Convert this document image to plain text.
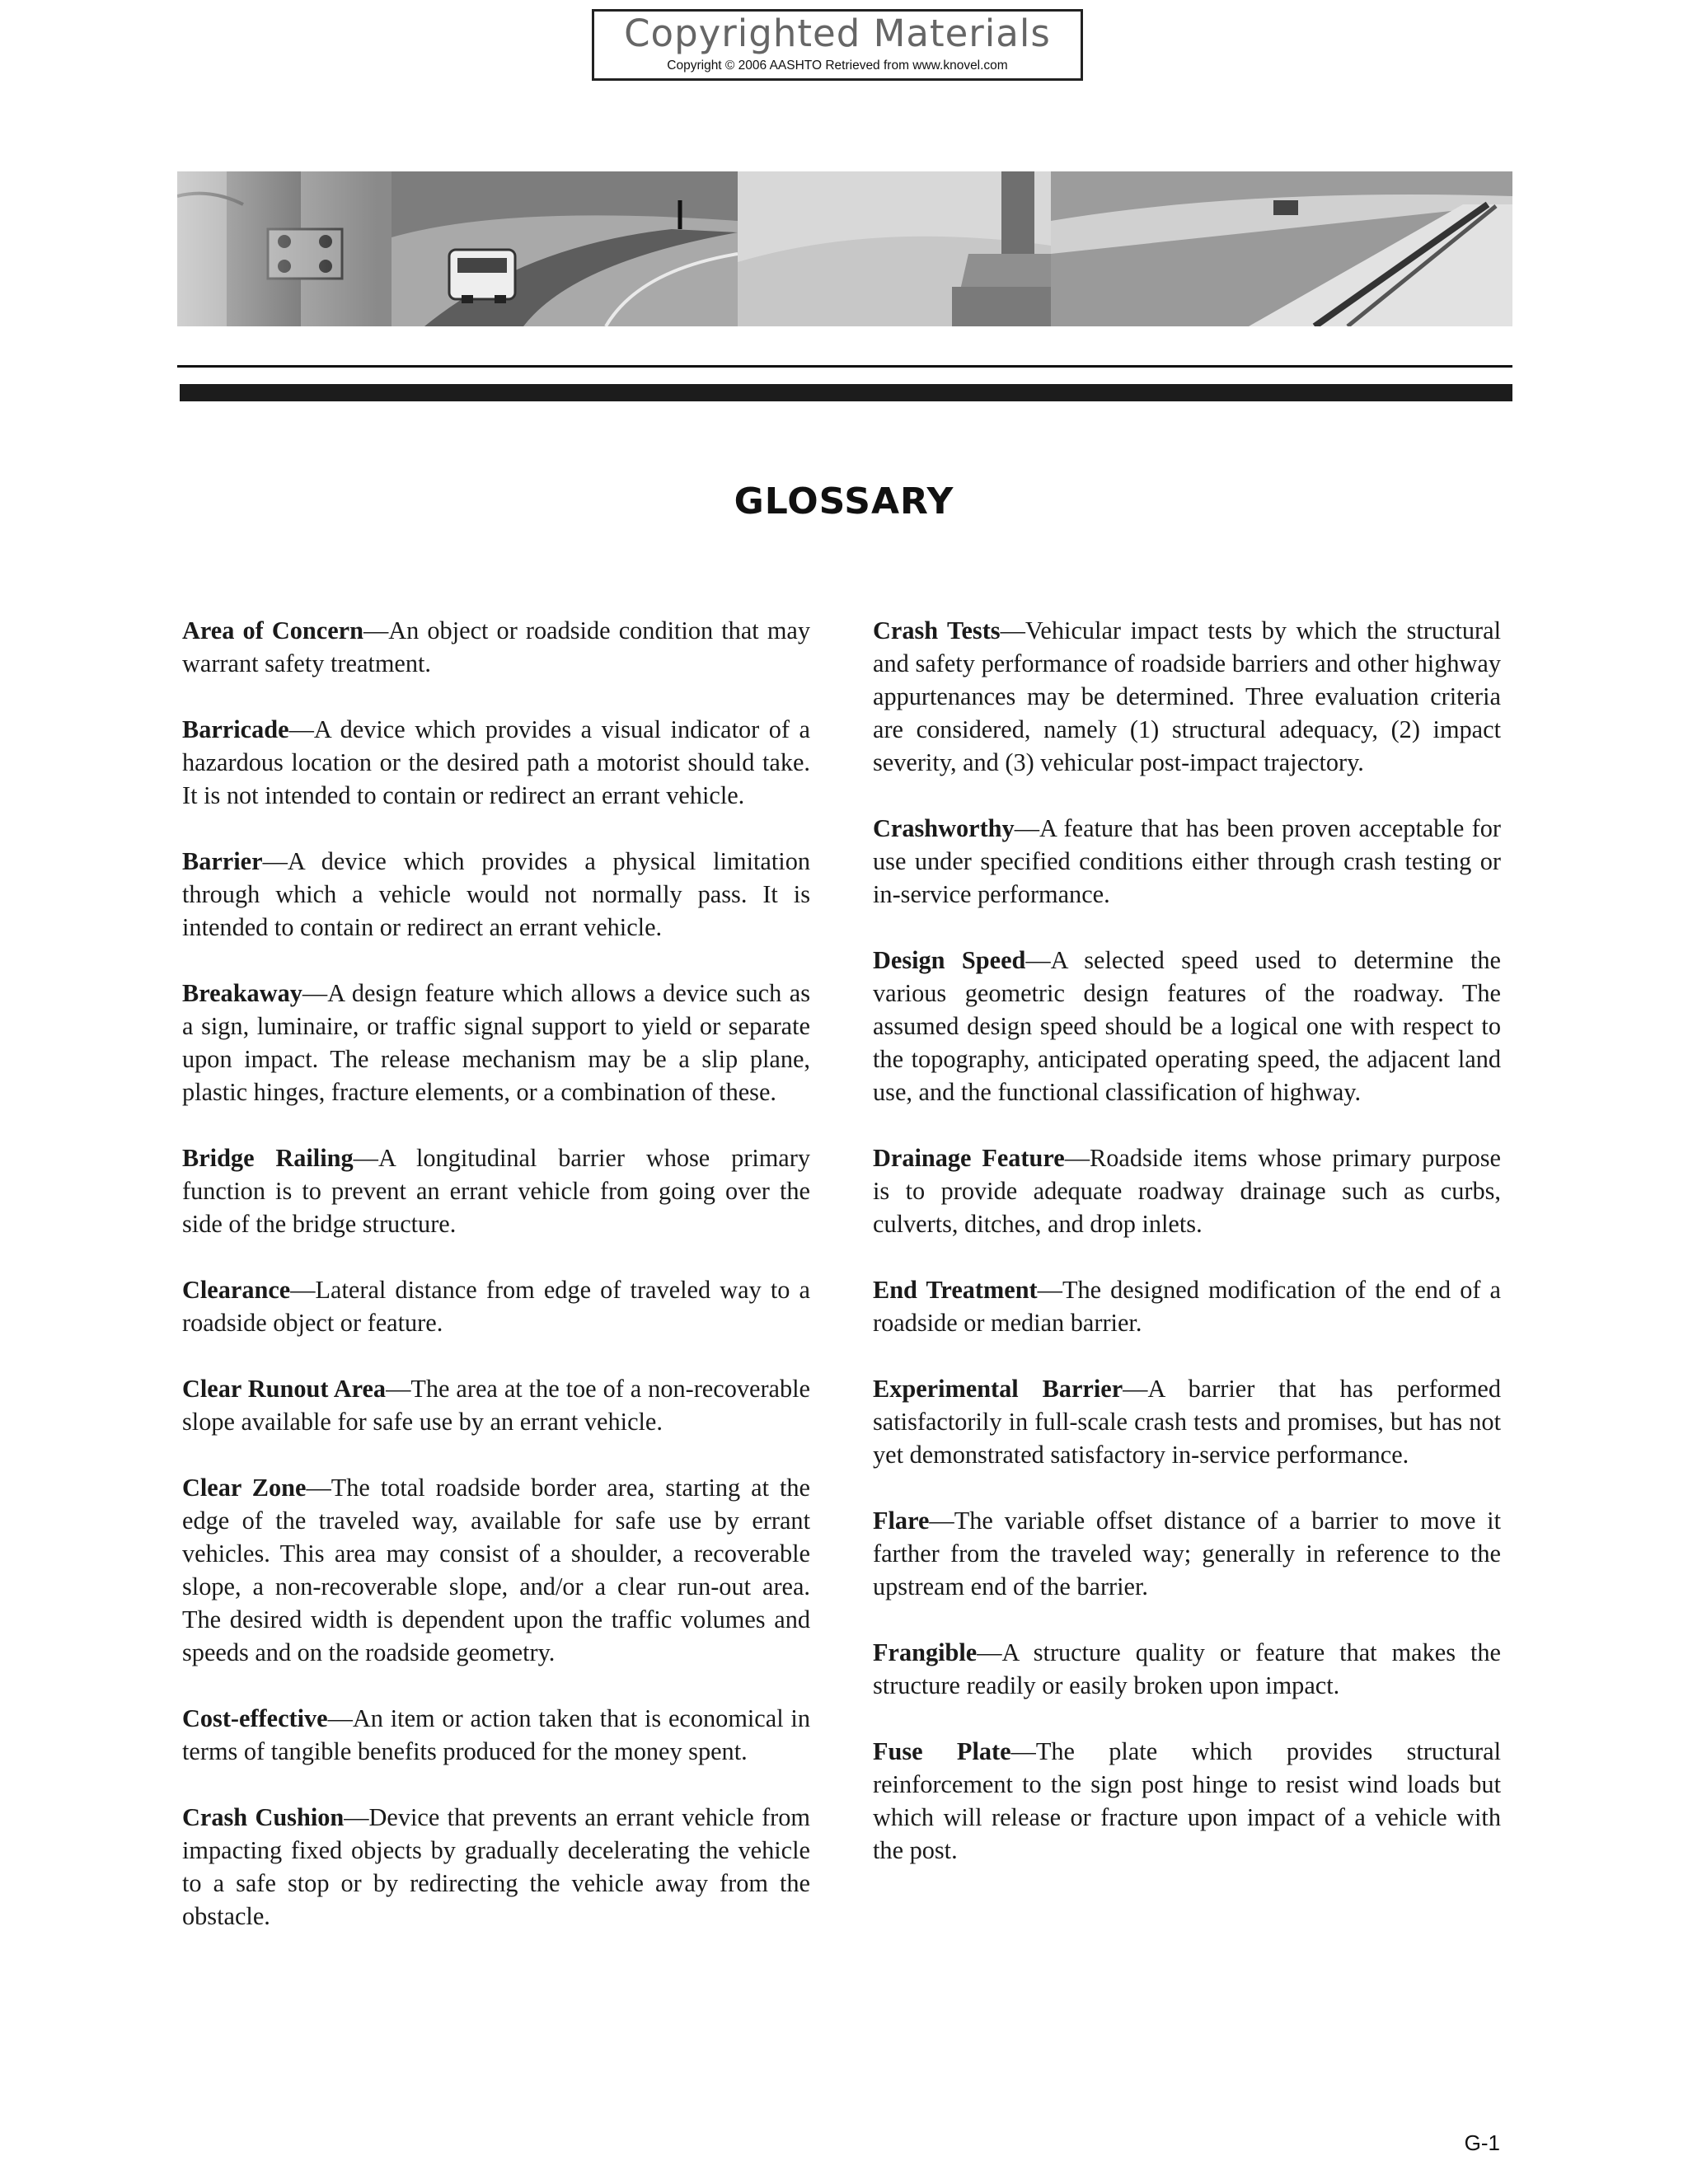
Copyrighted Materials
Copyright © 2006 AASHTO Retrieved from www.knovel.com
GLOSSARY

Area of Concern—An object or roadside condition that may warrant safety treatment.

Barricade—A device which provides a visual indicator of a hazardous location or the desired path a motorist should take. It is not intended to contain or redirect an errant vehicle.

Barrier—A device which provides a physical limitation through which a vehicle would not normally pass. It is intended to contain or redirect an errant vehicle.

Breakaway—A design feature which allows a device such as a sign, luminaire, or traffic signal support to yield or separate upon impact. The release mechanism may be a slip plane, plastic hinges, fracture elements, or a combination of these.

Bridge Railing—A longitudinal barrier whose primary function is to prevent an errant vehicle from going over the side of the bridge structure.

Clearance—Lateral distance from edge of traveled way to a roadside object or feature.

Clear Runout Area—The area at the toe of a non-recoverable slope available for safe use by an errant vehicle.

Clear Zone—The total roadside border area, starting at the edge of the traveled way, available for safe use by errant vehicles. This area may consist of a shoulder, a recoverable slope, a non-recoverable slope, and/or a clear run-out area. The desired width is dependent upon the traffic volumes and speeds and on the roadside geometry.

Cost-effective—An item or action taken that is economical in terms of tangible benefits produced for the money spent.

Crash Cushion—Device that prevents an errant vehicle from impacting fixed objects by gradually decelerating the vehicle to a safe stop or by redirecting the vehicle away from the obstacle.

Crash Tests—Vehicular impact tests by which the structural and safety performance of roadside barriers and other highway appurtenances may be determined. Three evaluation criteria are considered, namely (1) structural adequacy, (2) impact severity, and (3) vehicular post-impact trajectory.

Crashworthy—A feature that has been proven acceptable for use under specified conditions either through crash testing or in-service performance.

Design Speed—A selected speed used to determine the various geometric design features of the roadway. The assumed design speed should be a logical one with respect to the topography, anticipated operating speed, the adjacent land use, and the functional classification of highway.

Drainage Feature—Roadside items whose primary purpose is to provide adequate roadway drainage such as curbs, culverts, ditches, and drop inlets.

End Treatment—The designed modification of the end of a roadside or median barrier.

Experimental Barrier—A barrier that has performed satisfactorily in full-scale crash tests and promises, but has not yet demonstrated satisfactory in-service performance.

Flare—The variable offset distance of a barrier to move it farther from the traveled way; generally in reference to the upstream end of the barrier.

Frangible—A structure quality or feature that makes the structure readily or easily broken upon impact.

Fuse Plate—The plate which provides structural reinforcement to the sign post hinge to resist wind loads but which will release or fracture upon impact of a vehicle with the post.

G-1
